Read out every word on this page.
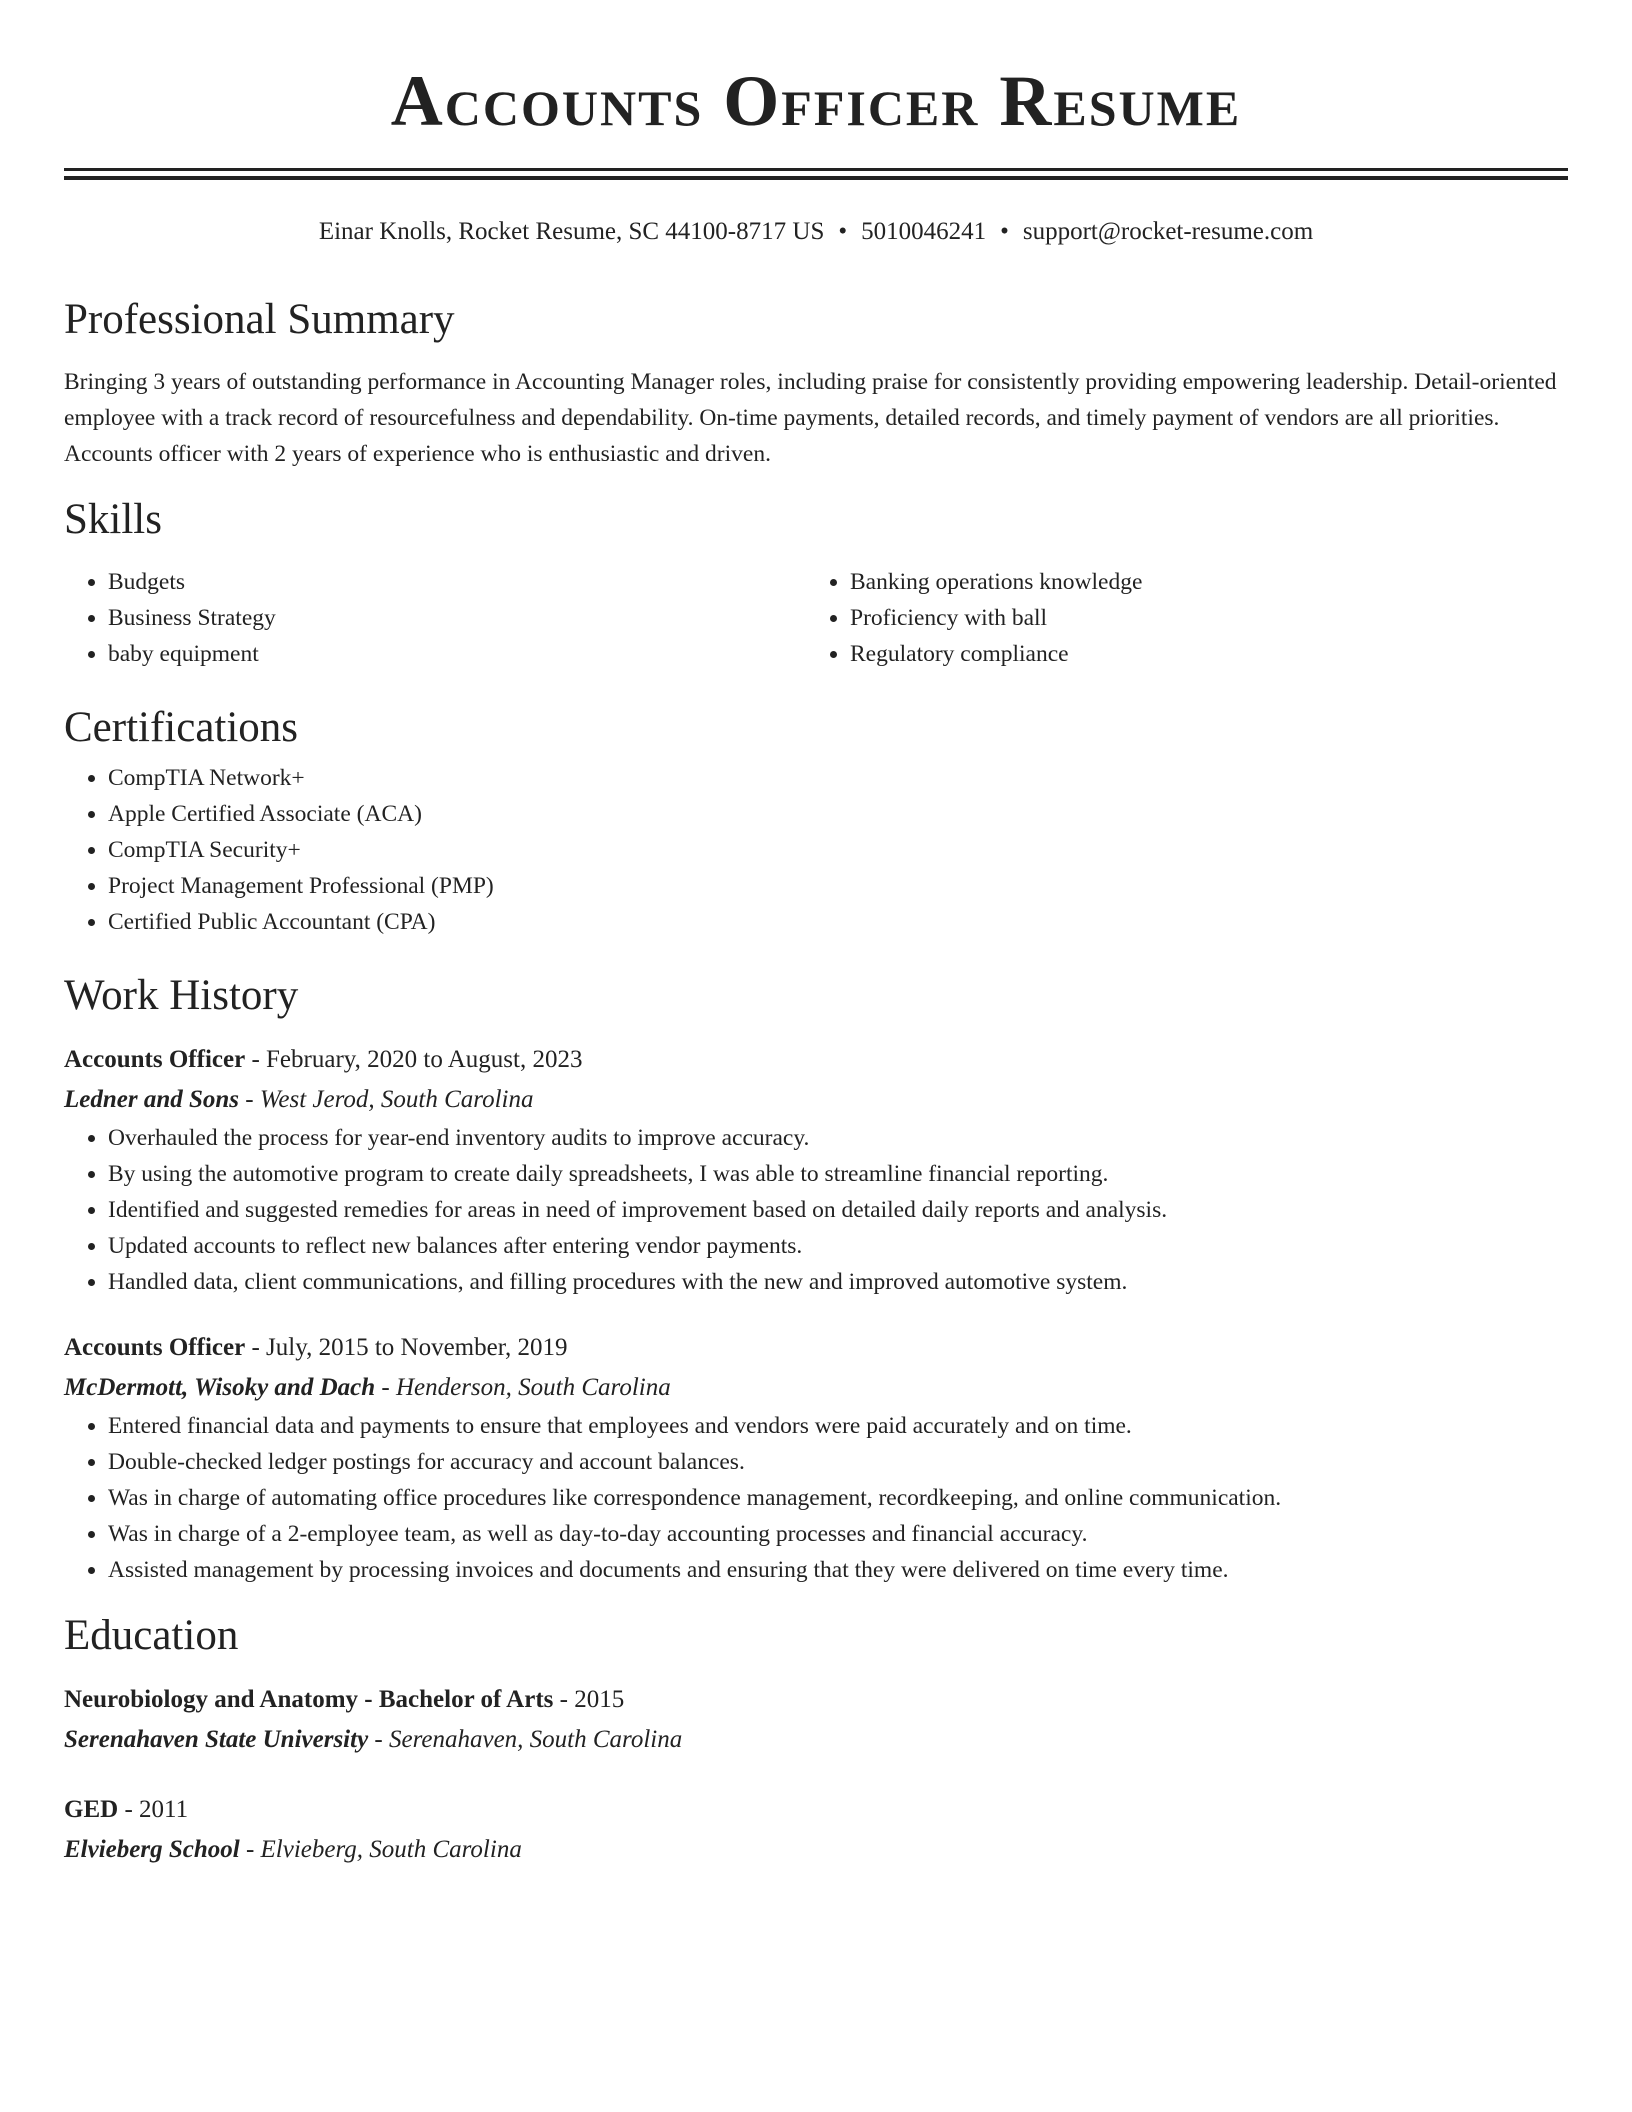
Accounts Officer Resume
Einar Knolls, Rocket Resume, SC 44100-8717 US • 5010046241 • support@rocket-resume.com
Professional Summary

Bringing 3 years of outstanding performance in Accounting Manager roles, including praise for consistently providing empowering leadership. Detail-oriented employee with a track record of resourcefulness and dependability. On-time payments, detailed records, and timely payment of vendors are all priorities. Accounts officer with 2 years of experience who is enthusiastic and driven.

Skills
• Budgets
• Business Strategy
• baby equipment
• Banking operations knowledge
• Proficiency with ball
• Regulatory compliance
Certifications
• CompTIA Network+
• Apple Certified Associate (ACA)
• CompTIA Security+
• Project Management Professional (PMP)
• Certified Public Accountant (CPA)
Work History
Accounts Officer - February, 2020 to August, 2023
Ledner and Sons - West Jerod, South Carolina
• Overhauled the process for year-end inventory audits to improve accuracy.
• By using the automotive program to create daily spreadsheets, I was able to streamline financial reporting.
• Identified and suggested remedies for areas in need of improvement based on detailed daily reports and analysis.
• Updated accounts to reflect new balances after entering vendor payments.
• Handled data, client communications, and filling procedures with the new and improved automotive system.
Accounts Officer - July, 2015 to November, 2019
McDermott, Wisoky and Dach - Henderson, South Carolina
• Entered financial data and payments to ensure that employees and vendors were paid accurately and on time.
• Double-checked ledger postings for accuracy and account balances.
• Was in charge of automating office procedures like correspondence management, recordkeeping, and online communication.
• Was in charge of a 2-employee team, as well as day-to-day accounting processes and financial accuracy.
• Assisted management by processing invoices and documents and ensuring that they were delivered on time every time.
Education
Neurobiology and Anatomy - Bachelor of Arts - 2015
Serenahaven State University - Serenahaven, South Carolina
GED - 2011
Elvieberg School - Elvieberg, South Carolina
